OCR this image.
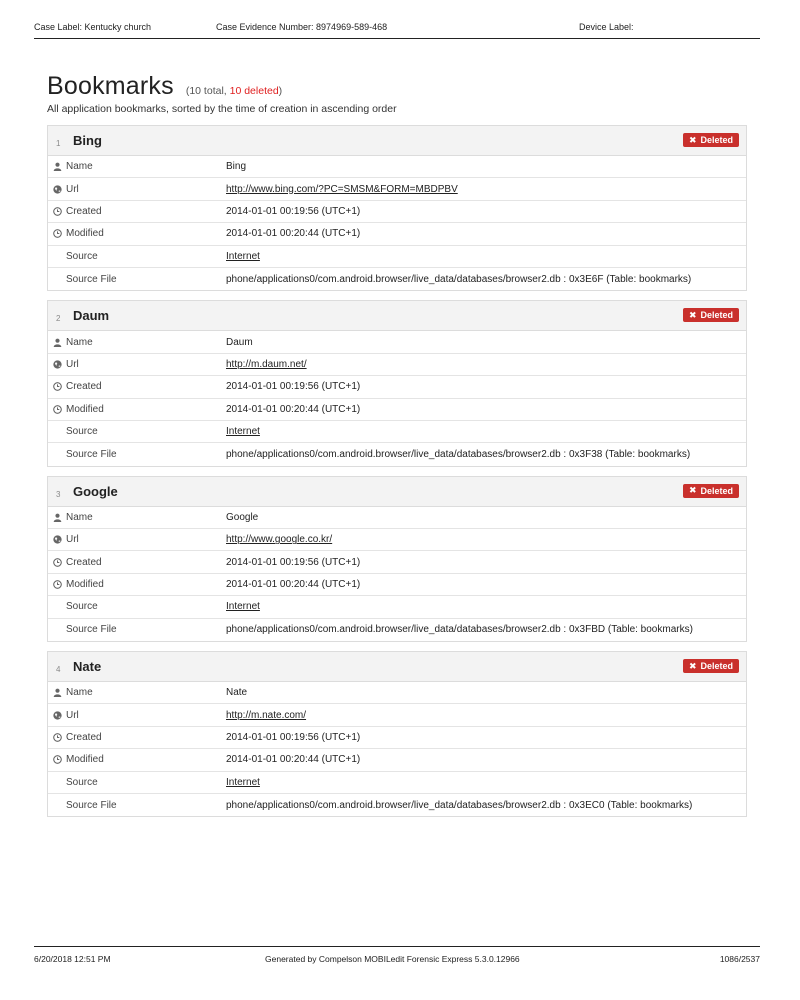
Case Label: Kentucky church	Case Evidence Number: 8974969-589-468	Device Label:
Bookmarks (10 total, 10 deleted)
All application bookmarks, sorted by the time of creation in ascending order
1 Bing	✖ Deleted
Name	Bing
Url	http://www.bing.com/?PC=SMSM&FORM=MBDPBV
Created	2014-01-01 00:19:56 (UTC+1)
Modified	2014-01-01 00:20:44 (UTC+1)
Source	Internet
Source File	phone/applications0/com.android.browser/live_data/databases/browser2.db : 0x3E6F (Table: bookmarks)
2 Daum	✖ Deleted
Name	Daum
Url	http://m.daum.net/
Created	2014-01-01 00:19:56 (UTC+1)
Modified	2014-01-01 00:20:44 (UTC+1)
Source	Internet
Source File	phone/applications0/com.android.browser/live_data/databases/browser2.db : 0x3F38 (Table: bookmarks)
3 Google	✖ Deleted
Name	Google
Url	http://www.google.co.kr/
Created	2014-01-01 00:19:56 (UTC+1)
Modified	2014-01-01 00:20:44 (UTC+1)
Source	Internet
Source File	phone/applications0/com.android.browser/live_data/databases/browser2.db : 0x3FBD (Table: bookmarks)
4 Nate	✖ Deleted
Name	Nate
Url	http://m.nate.com/
Created	2014-01-01 00:19:56 (UTC+1)
Modified	2014-01-01 00:20:44 (UTC+1)
Source	Internet
Source File	phone/applications0/com.android.browser/live_data/databases/browser2.db : 0x3EC0 (Table: bookmarks)
6/20/2018 12:51 PM	Generated by Compelson MOBILedit Forensic Express 5.3.0.12966	1086/2537
